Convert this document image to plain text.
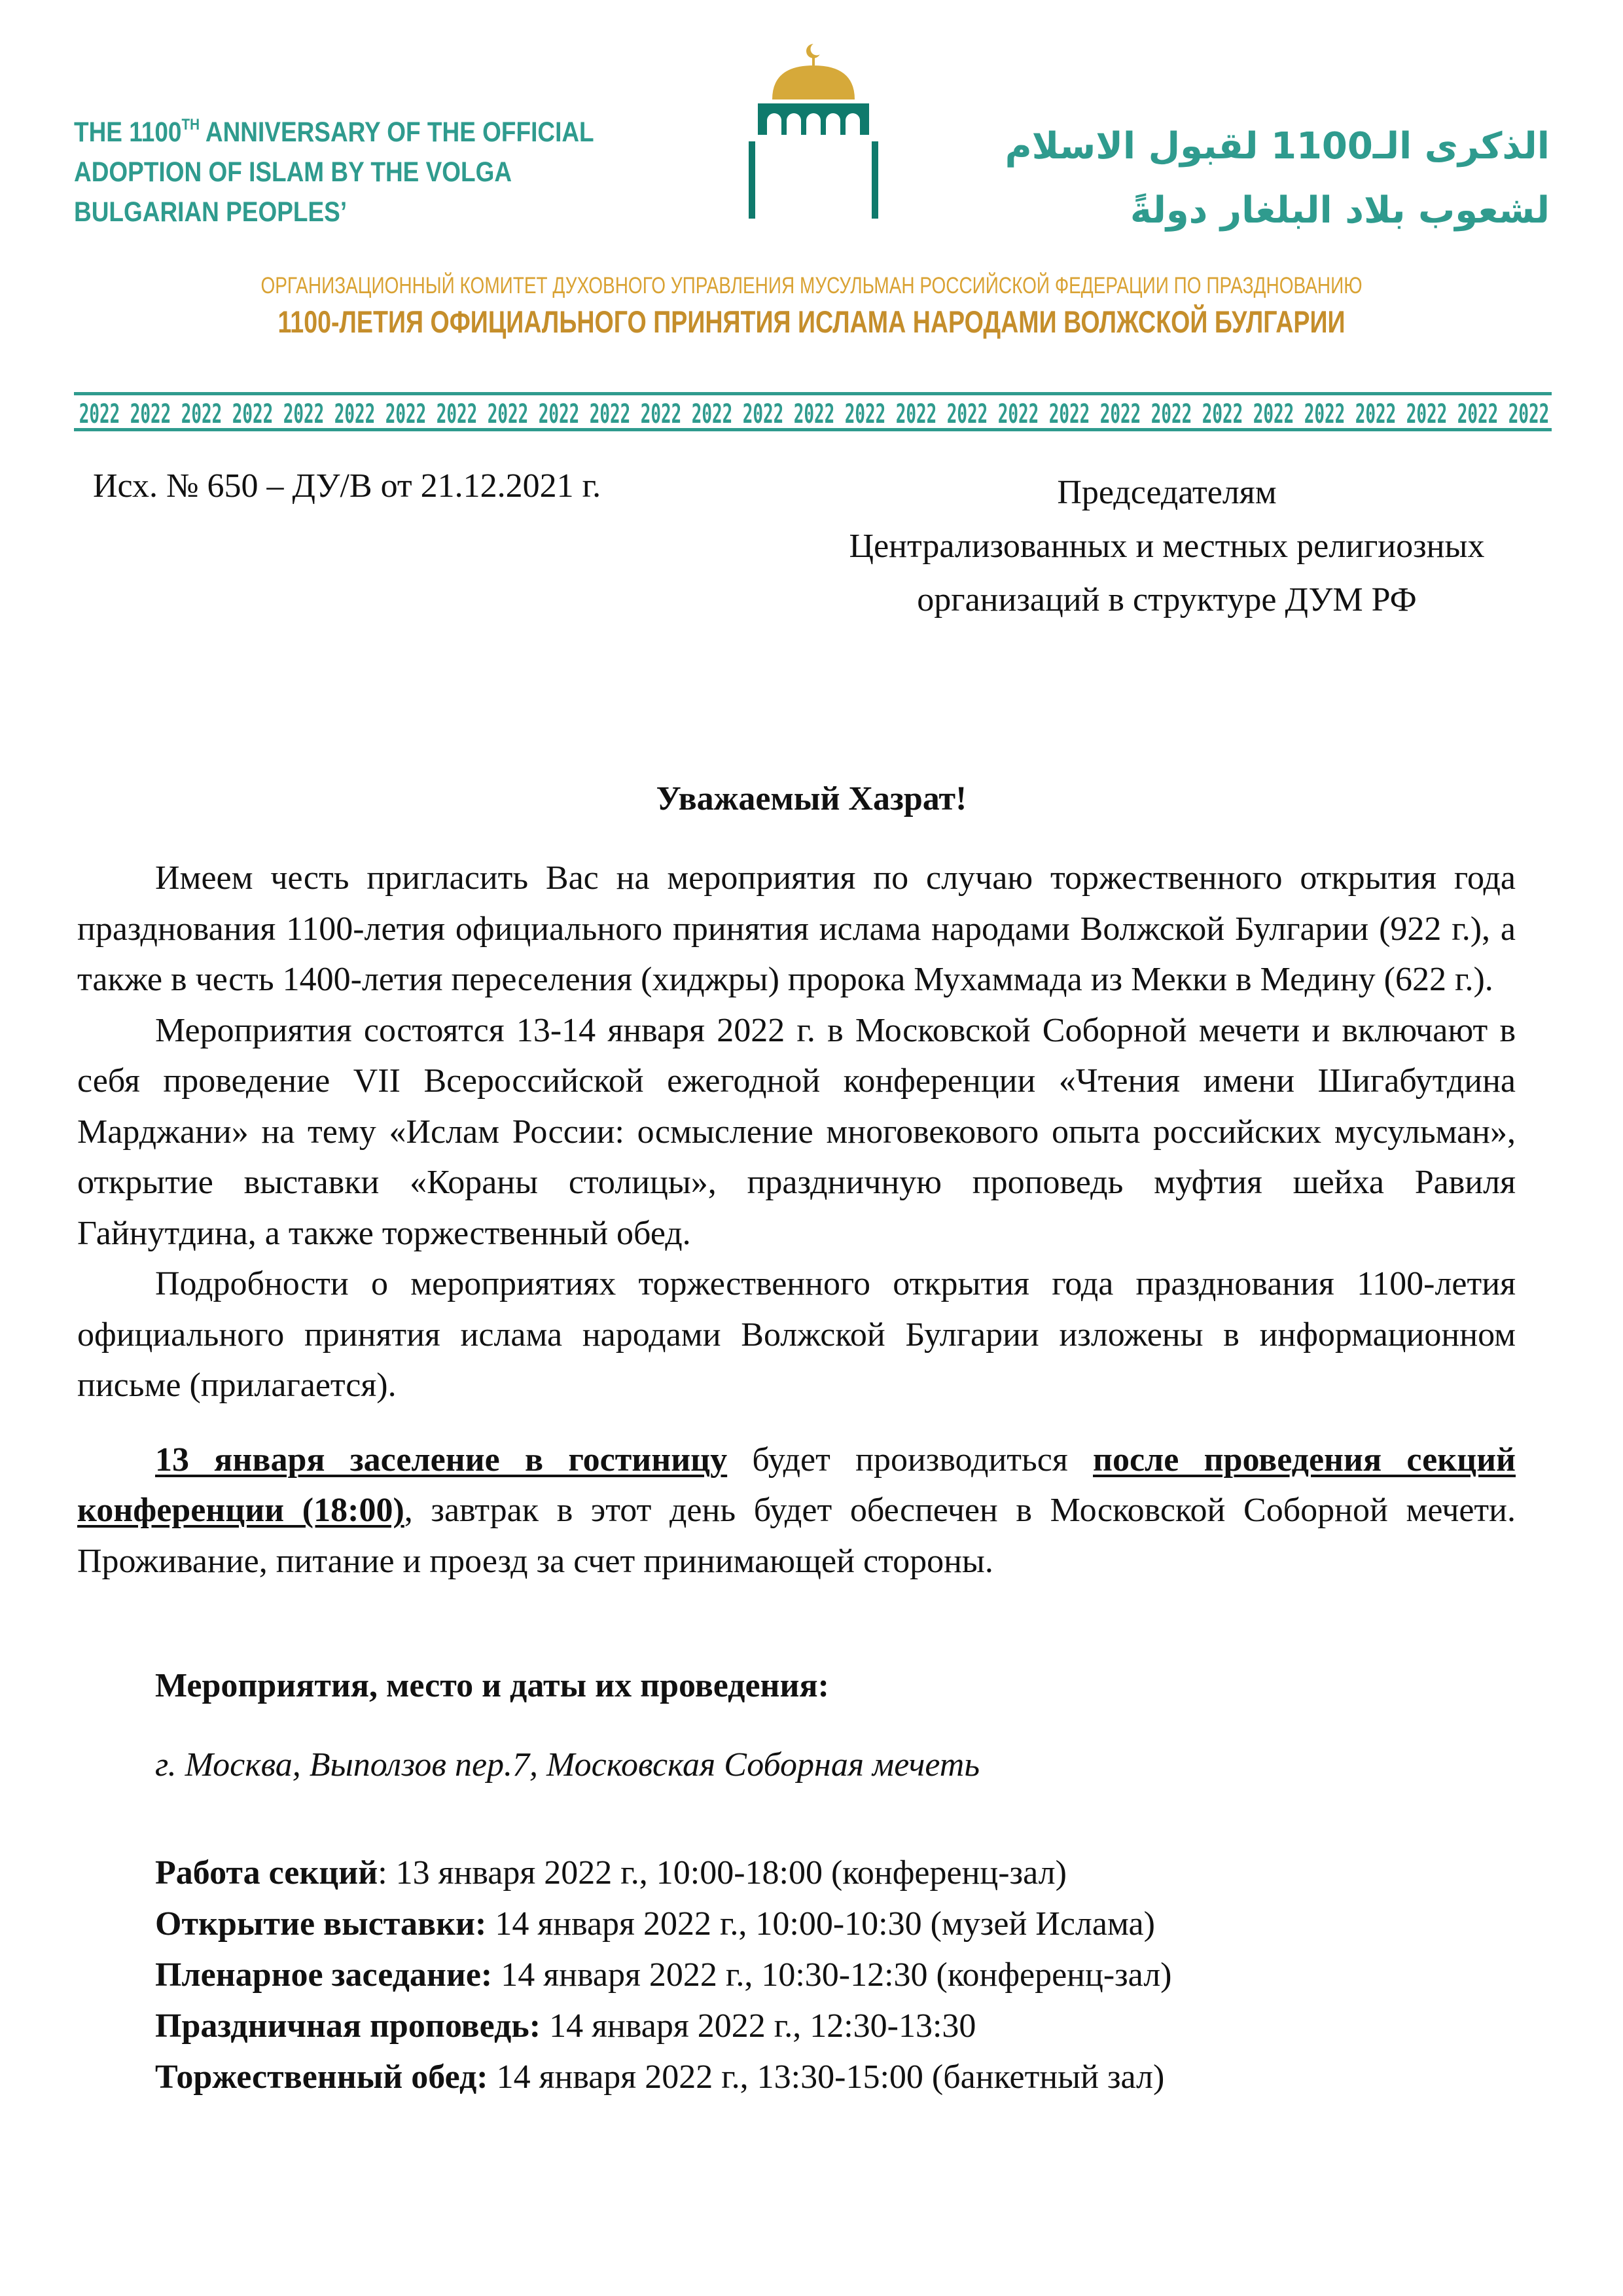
THE 1100TH ANNIVERSARY OF THE OFFICIAL
ADOPTION OF ISLAM BY THE VOLGA
BULGARIAN PEOPLES’
الذكرى الـ1100 لقبول الاسلام
لشعوب بلاد البلغار دولةً
ОРГАНИЗАЦИОННЫЙ КОМИТЕТ ДУХОВНОГО УПРАВЛЕНИЯ МУСУЛЬМАН РОССИЙСКОЙ ФЕДЕРАЦИИ ПО ПРАЗДНОВАНИЮ
1100-ЛЕТИЯ ОФИЦИАЛЬНОГО ПРИНЯТИЯ ИСЛАМА НАРОДАМИ ВОЛЖСКОЙ БУЛГАРИИ
Исх. № 650 – ДУ/В от 21.12.2021 г.	Председателям
Централизованных и местных религиозных
организаций в структуре ДУМ РФ
Уважаемый Хазрат!

Имеем честь пригласить Вас на мероприятия по случаю торжественного открытия года празднования 1100-летия официального принятия ислама народами Волжской Булгарии (922 г.), а также в честь 1400-летия переселения (хиджры) пророка Мухаммада из Мекки в Медину (622 г.).

Мероприятия состоятся 13-14 января 2022 г. в Московской Соборной мечети и включают в себя проведение VII Всероссийской ежегодной конференции «Чтения имени Шигабутдина Марджани» на тему «Ислам России: осмысление многовекового опыта российских мусульман», открытие выставки «Кораны столицы», праздничную проповедь муфтия шейха Равиля Гайнутдина, а также торжественный обед.

Подробности о мероприятиях торжественного открытия года празднования 1100-летия официального принятия ислама народами Волжской Булгарии изложены в информационном письме (прилагается).

13 января заселение в гостиницу будет производиться после проведения секций конференции (18:00), завтрак в этот день будет обеспечен в Московской Соборной мечети. Проживание, питание и проезд за счет принимающей стороны.

Мероприятия, место и даты их проведения:
г. Москва, Выползов пер.7, Московская Соборная мечеть
Работа секций: 13 января 2022 г., 10:00-18:00 (конференц-зал)
Открытие выставки: 14 января 2022 г., 10:00-10:30 (музей Ислама)
Пленарное заседание: 14 января 2022 г., 10:30-12:30 (конференц-зал)
Праздничная проповедь: 14 января 2022 г., 12:30-13:30
Торжественный обед: 14 января 2022 г., 13:30-15:00 (банкетный зал)
